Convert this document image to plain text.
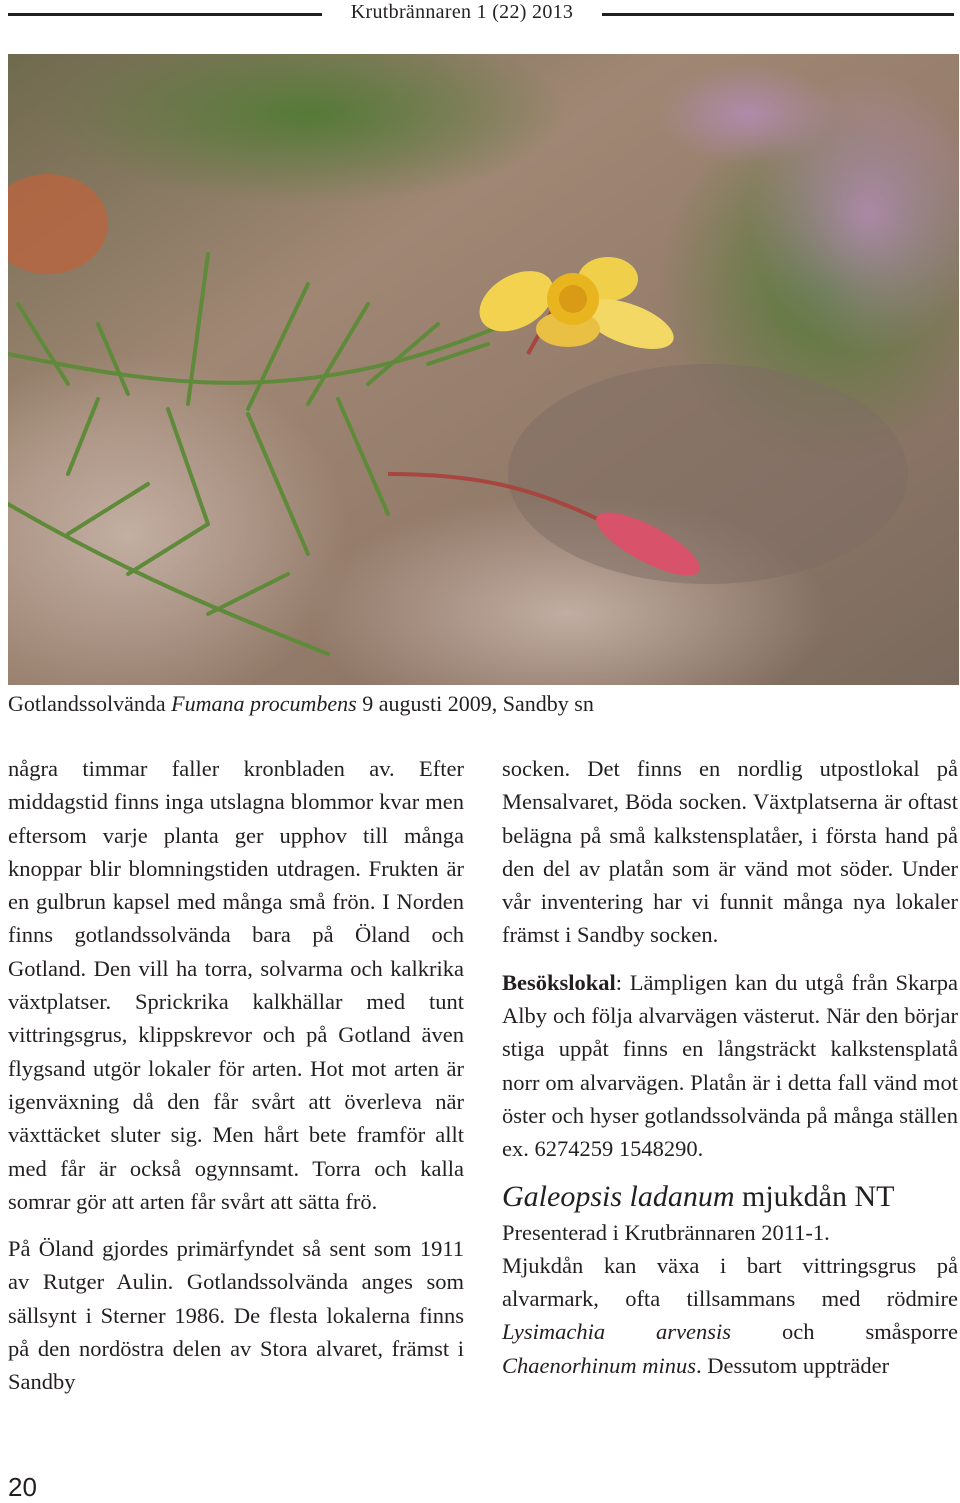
Krutbrännaren 1 (22) 2013
Gotlandssolvända Fumana procumbens 9 augusti 2009, Sandby sn

några timmar faller kronbladen av. Efter middagstid finns inga utslagna blommor kvar men eftersom varje planta ger upphov till många knoppar blir blomningstiden utdragen. Frukten är en gulbrun kapsel med många små frön. I Norden finns gotlandssolvända bara på Öland och Gotland. Den vill ha torra, solvarma och kalkrika växtplatser. Sprickrika kalkhällar med tunt vittringsgrus, klippskrevor och på Gotland även flygsand utgör lokaler för arten. Hot mot arten är igenväxning då den får svårt att överleva när växttäcket sluter sig. Men hårt bete framför allt med får är också ogynnsamt. Torra och kalla somrar gör att arten får svårt att sätta frö.

På Öland gjordes primärfyndet så sent som 1911 av Rutger Aulin. Gotlandssolvända anges som sällsynt i Sterner 1986. De flesta lokalerna finns på den nordöstra delen av Stora alvaret, främst i Sandby

socken. Det finns en nordlig utpostlokal på Mensalvaret, Böda socken. Växtplatserna är oftast belägna på små kalkstensplatåer, i första hand på den del av platån som är vänd mot söder. Under vår inventering har vi funnit många nya lokaler främst i Sandby socken.

Besökslokal: Lämpligen kan du utgå från Skarpa Alby och följa alvarvägen västerut. När den börjar stiga uppåt finns en långsträckt kalkstensplatå norr om alvarvägen. Platån är i detta fall vänd mot öster och hyser gotlandssolvända på många ställen ex. 6274259 1548290.

Galeopsis ladanum mjukdån NT

Presenterad i Krutbrännaren 2011-1.

Mjukdån kan växa i bart vittringsgrus på alvarmark, ofta tillsammans med rödmire Lysimachia arvensis och småsporre Chaenorhinum minus. Dessutom uppträder

20
